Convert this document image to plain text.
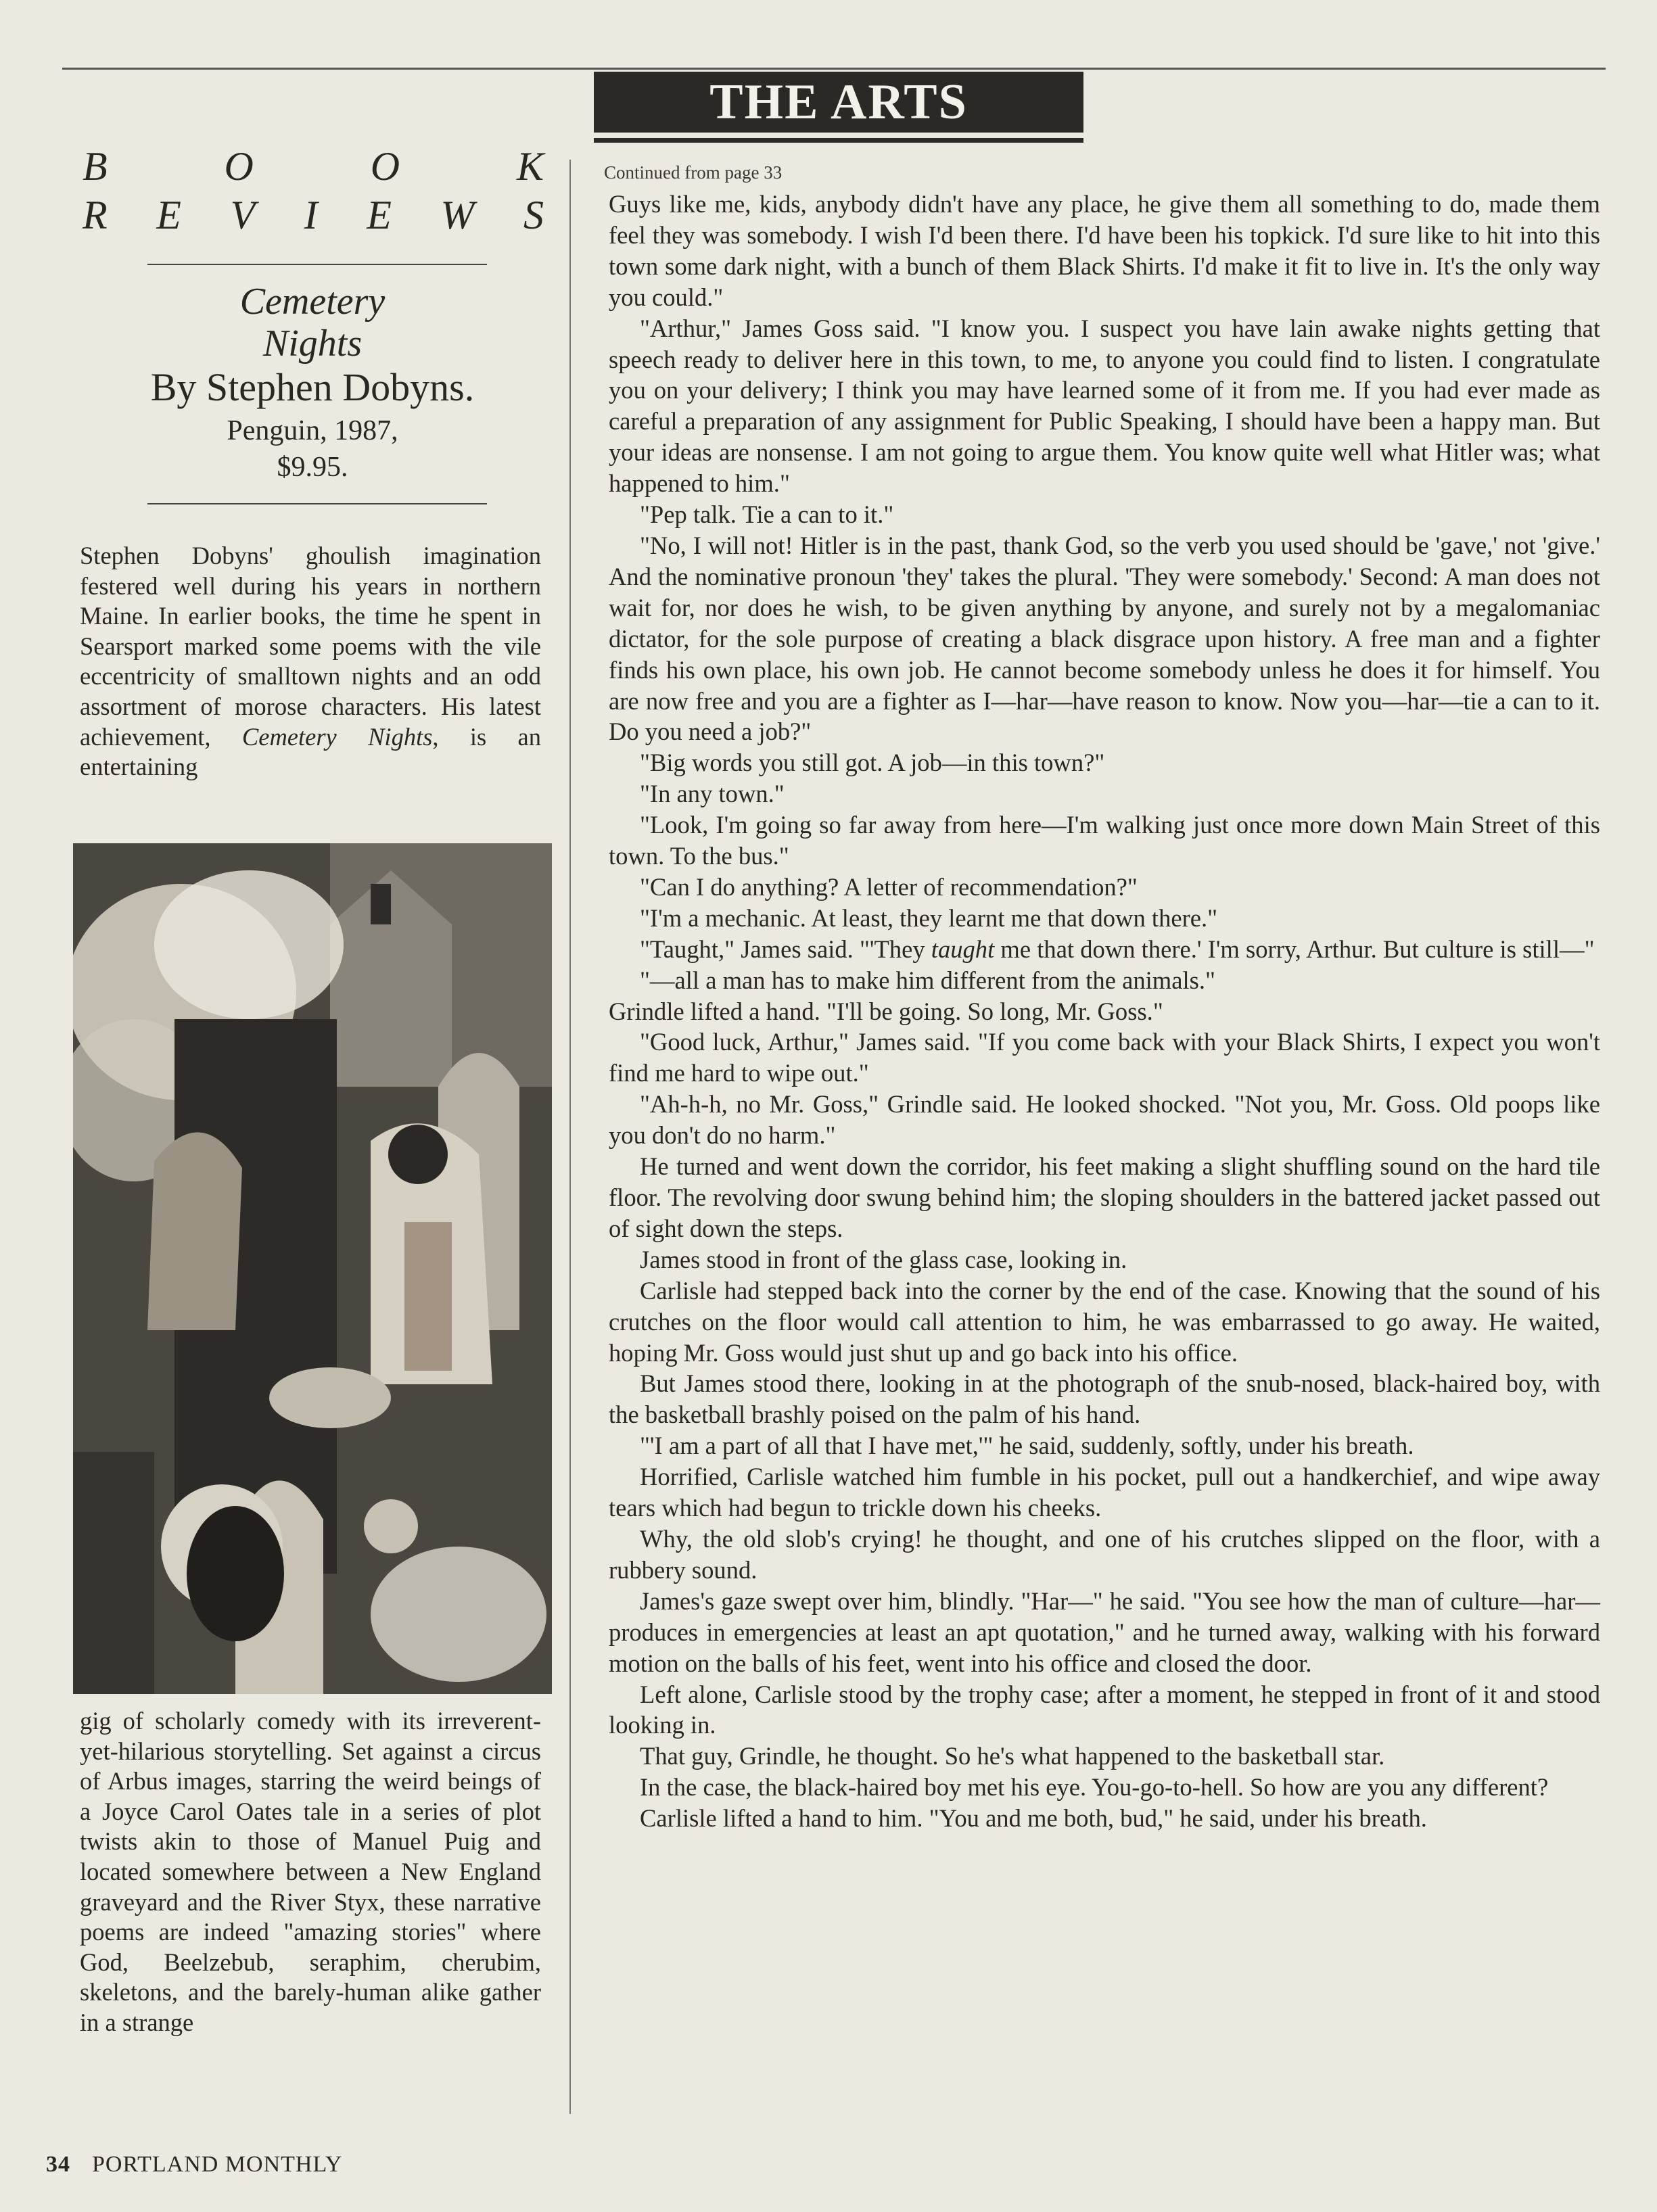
THE ARTS
B	O	O	K
R E V I E W S
Cemetery
Nights
By Stephen Dobyns.
Penguin, 1987,
$9.95.

Stephen Dobyns' ghoulish imagination festered well during his years in northern Maine. In earlier books, the time he spent in Searsport marked some poems with the vile eccentricity of smalltown nights and an odd assortment of morose characters. His latest achievement, Cemetery Nights, is an entertaining

gig of scholarly comedy with its irreverent-yet-hilarious storytelling. Set against a circus of Arbus images, starring the weird beings of a Joyce Carol Oates tale in a series of plot twists akin to those of Manuel Puig and located somewhere between a New England graveyard and the River Styx, these narrative poems are indeed "amazing stories" where God, Beelzebub, seraphim, cherubim, skeletons, and the barely-human alike gather in a strange

Continued from page 33

Guys like me, kids, anybody didn't have any place, he give them all something to do, made them feel they was somebody. I wish I'd been there. I'd have been his topkick. I'd sure like to hit into this town some dark night, with a bunch of them Black Shirts. I'd make it fit to live in. It's the only way you could."

"Arthur," James Goss said. "I know you. I suspect you have lain awake nights getting that speech ready to deliver here in this town, to me, to anyone you could find to listen. I congratulate you on your delivery; I think you may have learned some of it from me. If you had ever made as careful a preparation of any assignment for Public Speaking, I should have been a happy man. But your ideas are nonsense. I am not going to argue them. You know quite well what Hitler was; what happened to him."

"Pep talk. Tie a can to it."

"No, I will not! Hitler is in the past, thank God, so the verb you used should be 'gave,' not 'give.' And the nominative pronoun 'they' takes the plural. 'They were somebody.' Second: A man does not wait for, nor does he wish, to be given anything by anyone, and surely not by a megalomaniac dictator, for the sole purpose of creating a black disgrace upon history. A free man and a fighter finds his own place, his own job. He cannot become somebody unless he does it for himself. You are now free and you are a fighter as I—har—have reason to know. Now you—har—tie a can to it. Do you need a job?"

"Big words you still got. A job—in this town?"

"In any town."

"Look, I'm going so far away from here—I'm walking just once more down Main Street of this town. To the bus."

"Can I do anything? A letter of recommendation?"

"I'm a mechanic. At least, they learnt me that down there."

"Taught," James said. "'They taught me that down there.' I'm sorry, Arthur. But culture is still—"

"—all a man has to make him different from the animals."

Grindle lifted a hand. "I'll be going. So long, Mr. Goss."

"Good luck, Arthur," James said. "If you come back with your Black Shirts, I expect you won't find me hard to wipe out."

"Ah-h-h, no Mr. Goss," Grindle said. He looked shocked. "Not you, Mr. Goss. Old poops like you don't do no harm."

He turned and went down the corridor, his feet making a slight shuffling sound on the hard tile floor. The revolving door swung behind him; the sloping shoulders in the battered jacket passed out of sight down the steps.

James stood in front of the glass case, looking in.

Carlisle had stepped back into the corner by the end of the case. Knowing that the sound of his crutches on the floor would call attention to him, he was embarrassed to go away. He waited, hoping Mr. Goss would just shut up and go back into his office.

But James stood there, looking in at the photograph of the snub-nosed, black-haired boy, with the basketball brashly poised on the palm of his hand.

"'I am a part of all that I have met,'" he said, suddenly, softly, under his breath.

Horrified, Carlisle watched him fumble in his pocket, pull out a handkerchief, and wipe away tears which had begun to trickle down his cheeks.

Why, the old slob's crying! he thought, and one of his crutches slipped on the floor, with a rubbery sound.

James's gaze swept over him, blindly. "Har—" he said. "You see how the man of culture—har—produces in emergencies at least an apt quotation," and he turned away, walking with his forward motion on the balls of his feet, went into his office and closed the door.

Left alone, Carlisle stood by the trophy case; after a moment, he stepped in front of it and stood looking in.

That guy, Grindle, he thought. So he's what happened to the basketball star.

In the case, the black-haired boy met his eye. You-go-to-hell. So how are you any different?

Carlisle lifted a hand to him. "You and me both, bud," he said, under his breath.

34 PORTLAND MONTHLY
